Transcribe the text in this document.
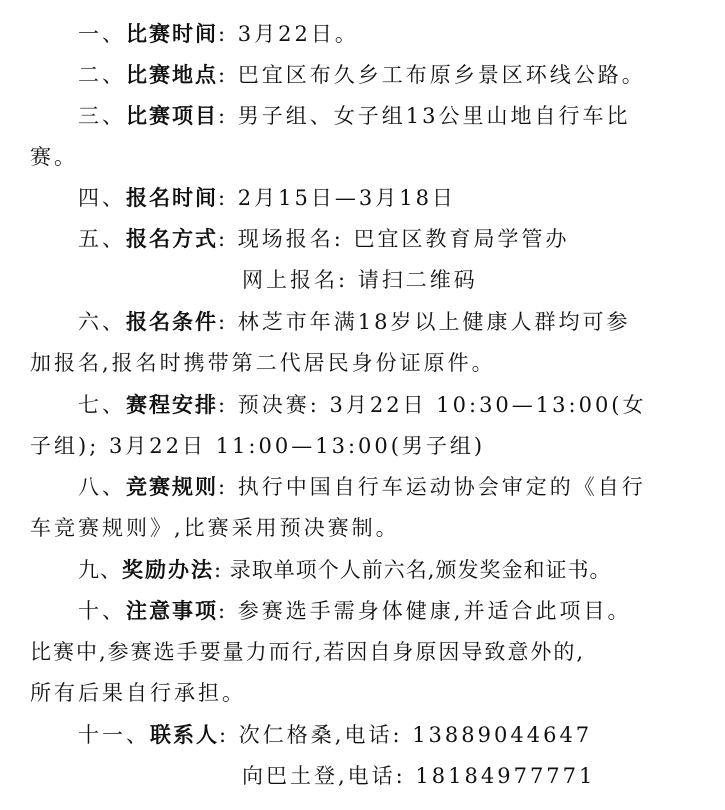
一、比赛时间: 3月22日。
二、比赛地点: 巴宜区布久乡工布原乡景区环线公路。
三、比赛项目: 男子组、女子组13公里山地自行车比
赛。
四、报名时间: 2月15日—3月18日
五、报名方式: 现场报名: 巴宜区教育局学管办
网上报名: 请扫二维码
六、报名条件: 林芝市年满18岁以上健康人群均可参
加报名,报名时携带第二代居民身份证原件。
七、赛程安排: 预决赛: 3月22日 10:30—13:00(女
子组); 3月22日 11:00—13:00(男子组)
八、竞赛规则: 执行中国自行车运动协会审定的《自行
车竞赛规则》,比赛采用预决赛制。
九、奖励办法: 录取单项个人前六名,颁发奖金和证书。
十、注意事项: 参赛选手需身体健康,并适合此项目。
比赛中,参赛选手要量力而行,若因自身原因导致意外的,
所有后果自行承担。
十一、联系人: 次仁格桑,电话: 13889044647
向巴土登,电话: 18184977771
